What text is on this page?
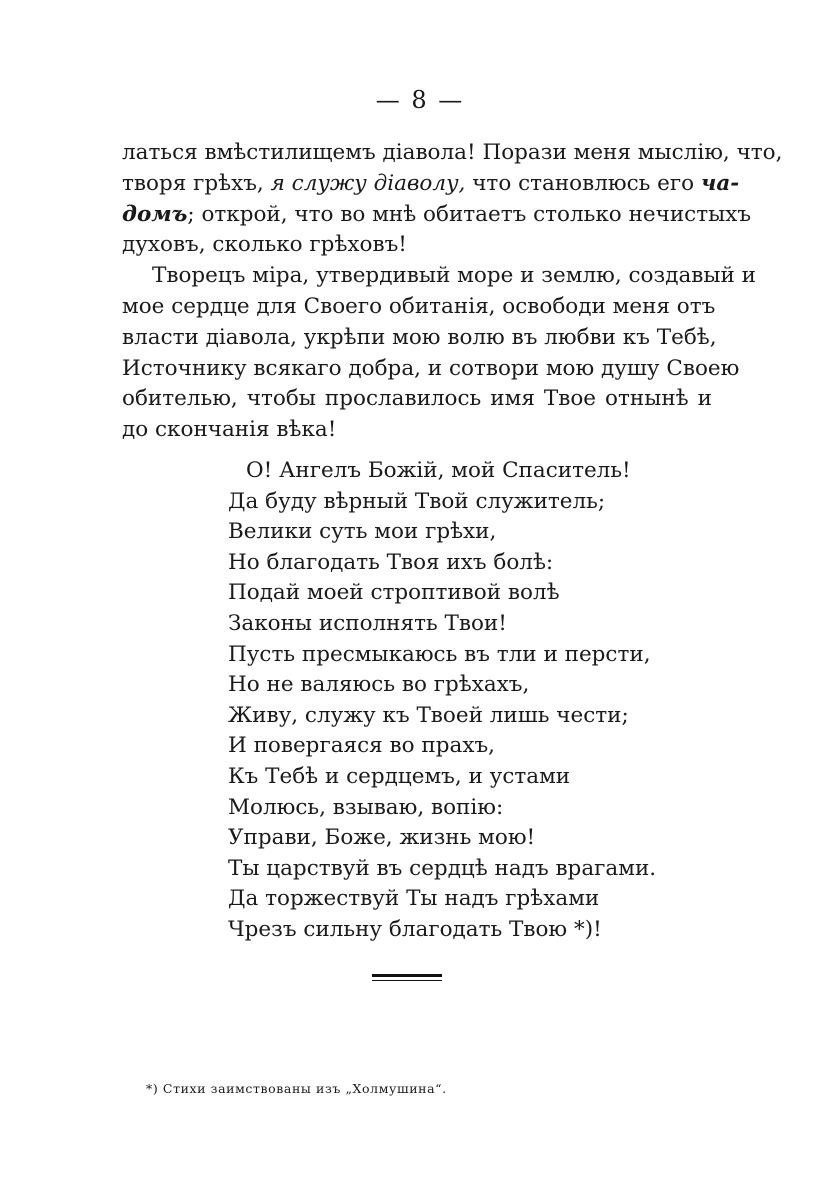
— 8 —
латься вмѣстилищемъ діавола! Порази меня мыслію, что,
творя грѣхъ, я служу діаволу, что становлюсь его ча-
домъ; открой, что во мнѣ обитаетъ столько нечистыхъ
духовъ, сколько грѣховъ!
Творецъ міра, утвердивый море и землю, создавый и
мое сердце для Своего обитанія, освободи меня отъ
власти діавола, укрѣпи мою волю въ любви къ Тебѣ,
Источнику всякаго добра, и сотвори мою душу Своею
обителью, чтобы прославилось имя Твое отнынѣ и
до скончанія вѣка!
О! Ангелъ Божій, мой Спаситель!
Да буду вѣрный Твой служитель;
Велики суть мои грѣхи,
Но благодать Твоя ихъ болѣ:
Подай моей строптивой волѣ
Законы исполнять Твои!
Пусть пресмыкаюсь въ тли и персти,
Но не валяюсь во грѣхахъ,
Живу, служу къ Твоей лишь чести;
И повергаяся во прахъ,
Къ Тебѣ и сердцемъ, и устами
Молюсь, взываю, вопію:
Управи, Боже, жизнь мою!
Ты царствуй въ сердцѣ надъ врагами.
Да торжествуй Ты надъ грѣхами
Чрезъ сильну благодать Твою *)!
*) Стихи заимствованы изъ „Холмушина“.
